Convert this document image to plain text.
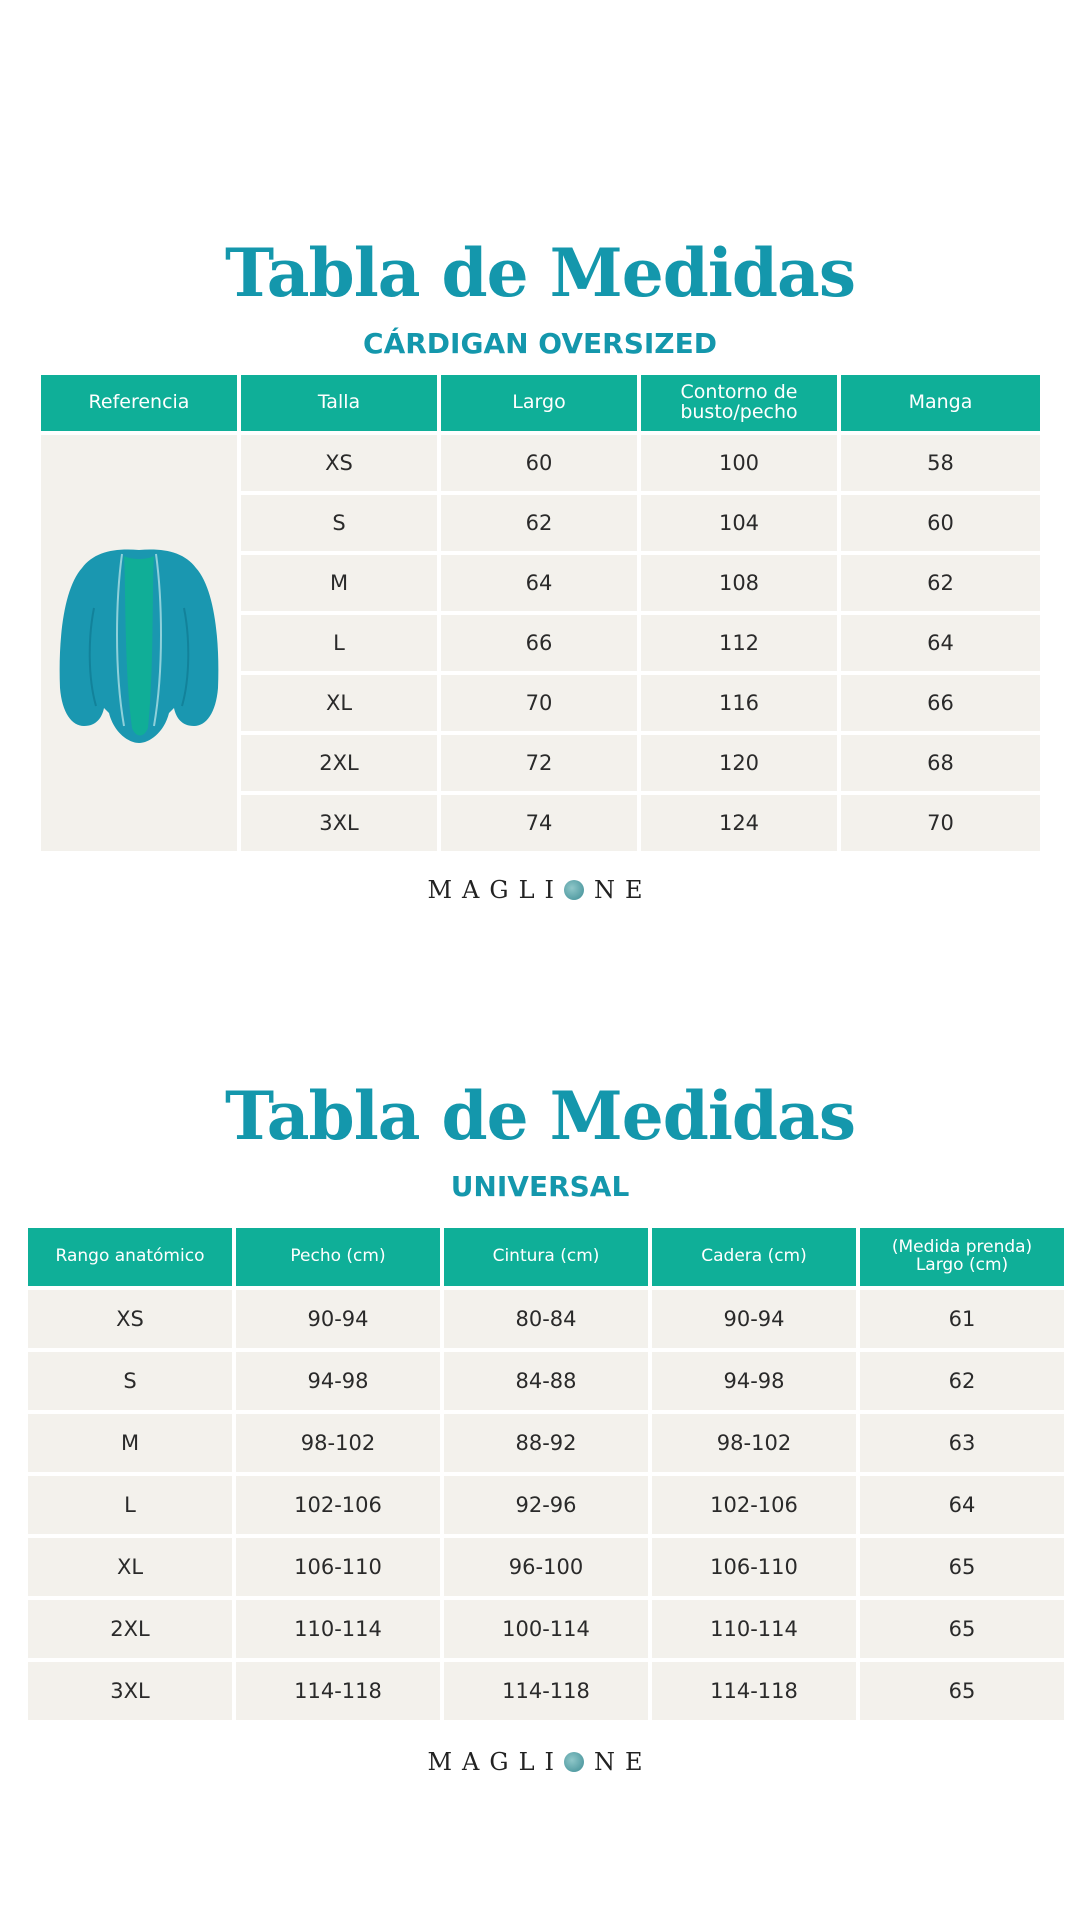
Tabla de Medidas
CÁRDIGAN OVERSIZED
Referencia	Talla	Largo	Contorno de
busto/pecho	Manga
XS	60	100	58
S	62	104	60
M	64	108	62
L	66	112	64
XL	70	116	66
2XL	72	120	68
3XL	74	124	70
MAGLI NE
Tabla de Medidas
UNIVERSAL
Rango anatómico	Pecho (cm)	Cintura (cm)	Cadera (cm)	(Medida prenda)
Largo (cm)
XS	90-94	80-84	90-94	61
S	94-98	84-88	94-98	62
M	98-102	88-92	98-102	63
L	102-106	92-96	102-106	64
XL	106-110	96-100	106-110	65
2XL	110-114	100-114	110-114	65
3XL	114-118	114-118	114-118	65
MAGLI NE
